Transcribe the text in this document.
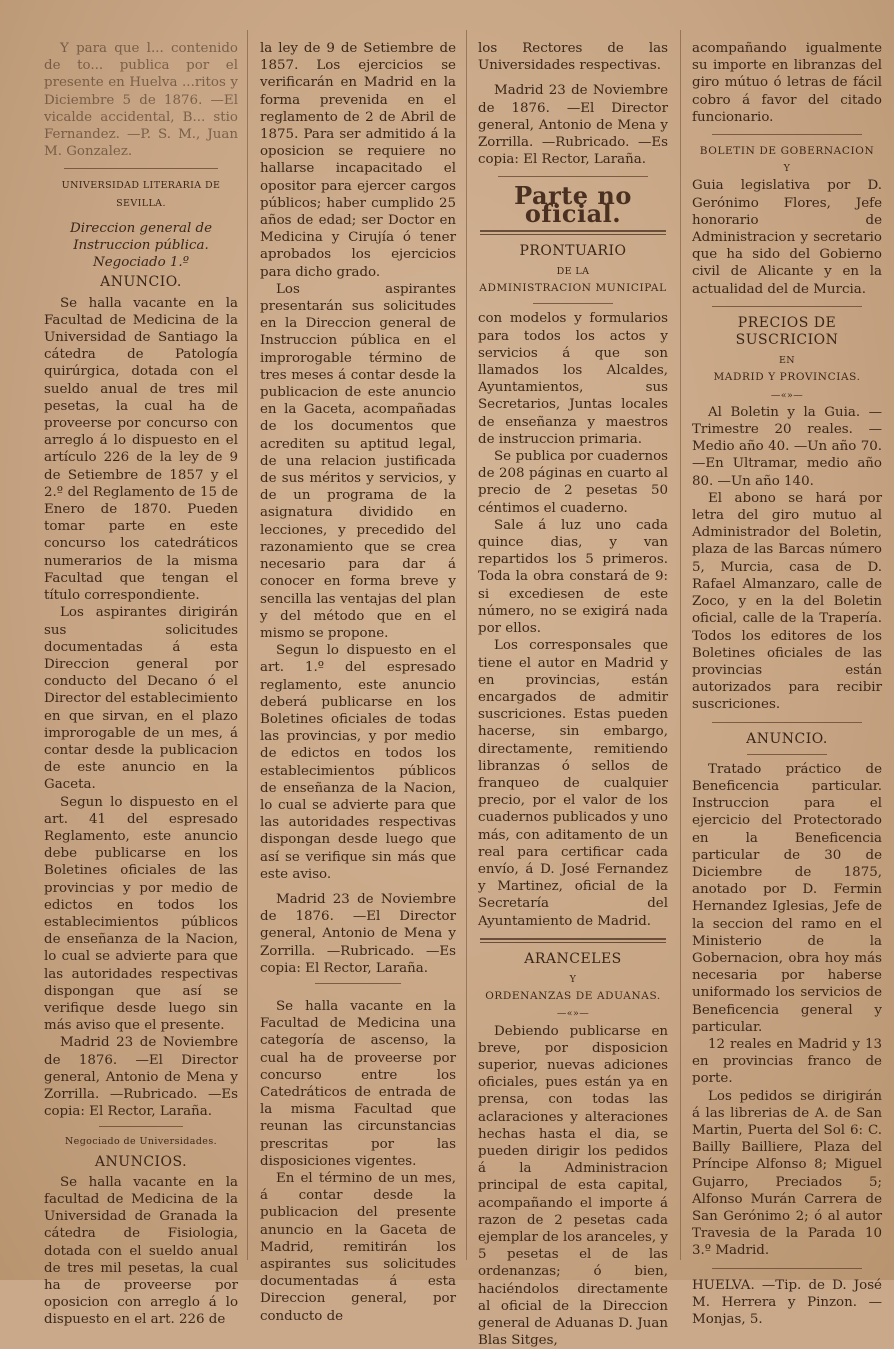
Y para que l... contenido de to... publica por el presente en Huelva ...ritos y Diciembre 5 de 1876. —El vicalde accidental, B... stio Fernandez. —P. S. M., Juan M. Gonzalez.

UNIVERSIDAD LITERARIA DE SEVILLA.

Direccion general de Instruccion pública.

Negociado 1.º

ANUNCIO.

Se halla vacante en la Facultad de Medicina de la Universidad de Santiago la cátedra de Patología quirúrgica, dotada con el sueldo anual de tres mil pesetas, la cual ha de proveerse por concurso con arreglo á lo dispuesto en el artículo 226 de la ley de 9 de Setiembre de 1857 y el 2.º del Reglamento de 15 de Enero de 1870. Pueden tomar parte en este concurso los catedráticos numerarios de la misma Facultad que tengan el título correspondiente.

Los aspirantes dirigirán sus solicitudes documentadas á esta Direccion general por conducto del Decano ó el Director del establecimiento en que sirvan, en el plazo improrogable de un mes, á contar desde la publicacion de este anuncio en la Gaceta.

Segun lo dispuesto en el art. 41 del espresado Reglamento, este anuncio debe publicarse en los Boletines oficiales de las provincias y por medio de edictos en todos los establecimientos públicos de enseñanza de la Nacion, lo cual se advierte para que las autoridades respectivas dispongan que así se verifique desde luego sin más aviso que el presente.

Madrid 23 de Noviembre de 1876. —El Director general, Antonio de Mena y Zorrilla. —Rubricado. —Es copia: El Rector, Laraña.

Negociado de Universidades.

ANUNCIOS.

Se halla vacante en la facultad de Medicina de la Universidad de Granada la cátedra de Fisiologia, dotada con el sueldo anual de tres mil pesetas, la cual ha de proveerse por oposicion con arreglo á lo dispuesto en el art. 226 de

la ley de 9 de Setiembre de 1857. Los ejercicios se verificarán en Madrid en la forma prevenida en el reglamento de 2 de Abril de 1875. Para ser admitido á la oposicion se requiere no hallarse incapacitado el opositor para ejercer cargos públicos; haber cumplido 25 años de edad; ser Doctor en Medicina y Cirujía ó tener aprobados los ejercicios para dicho grado.

Los aspirantes presentarán sus solicitudes en la Direccion general de Instruccion pública en el improrogable término de tres meses á contar desde la publicacion de este anuncio en la Gaceta, acompañadas de los documentos que acrediten su aptitud legal, de una relacion justificada de sus méritos y servicios, y de un programa de la asignatura dividido en lecciones, y precedido del razonamiento que se crea necesario para dar á conocer en forma breve y sencilla las ventajas del plan y del método que en el mismo se propone.

Segun lo dispuesto en el art. 1.º del espresado reglamento, este anuncio deberá publicarse en los Boletines oficiales de todas las provincias, y por medio de edictos en todos los establecimientos públicos de enseñanza de la Nacion, lo cual se advierte para que las autoridades respectivas dispongan desde luego que así se verifique sin más que este aviso.

Madrid 23 de Noviembre de 1876. —El Director general, Antonio de Mena y Zorrilla. —Rubricado. —Es copia: El Rector, Laraña.

Se halla vacante en la Facultad de Medicina una categoría de ascenso, la cual ha de proveerse por concurso entre los Catedráticos de entrada de la misma Facultad que reunan las circunstancias prescritas por las disposiciones vigentes.

En el término de un mes, á contar desde la publicacion del presente anuncio en la Gaceta de Madrid, remitirán los aspirantes sus solicitudes documentadas á esta Direccion general, por conducto de

los Rectores de las Universidades respectivas.

Madrid 23 de Noviembre de 1876. —El Director general, Antonio de Mena y Zorrilla. —Rubricado. —Es copia: El Rector, Laraña.

Parte no oficial.

PRONTUARIO

DE LA

ADMINISTRACION MUNICIPAL

con modelos y formularios para todos los actos y servicios á que son llamados los Alcaldes, Ayuntamientos, sus Secretarios, Juntas locales de enseñanza y maestros de instruccion primaria.

Se publica por cuadernos de 208 páginas en cuarto al precio de 2 pesetas 50 céntimos el cuaderno.

Sale á luz uno cada quince dias, y van repartidos los 5 primeros. Toda la obra constará de 9: si excediesen de este número, no se exigirá nada por ellos.

Los corresponsales que tiene el autor en Madrid y en provincias, están encargados de admitir suscriciones. Estas pueden hacerse, sin embargo, directamente, remitiendo libranzas ó sellos de franqueo de cualquier precio, por el valor de los cuadernos publicados y uno más, con aditamento de un real para certificar cada envío, á D. José Fernandez y Martinez, oficial de la Secretaría del Ayuntamiento de Madrid.

ARANCELES

Y

ORDENANZAS DE ADUANAS.

—«»—

Debiendo publicarse en breve, por disposicion superior, nuevas adiciones oficiales, pues están ya en prensa, con todas las aclaraciones y alteraciones hechas hasta el dia, se pueden dirigir los pedidos á la Administracion principal de esta capital, acompañando el importe á razon de 2 pesetas cada ejemplar de los aranceles, y 5 pesetas el de las ordenanzas; ó bien, haciéndolos directamente al oficial de la Direccion general de Aduanas D. Juan Blas Sitges,

acompañando igualmente su importe en libranzas del giro mútuo ó letras de fácil cobro á favor del citado funcionario.

BOLETIN DE GOBERNACION

Y

Guia legislativa por D. Gerónimo Flores, Jefe honorario de Administracion y secretario que ha sido del Gobierno civil de Alicante y en la actualidad del de Murcia.

PRECIOS DE SUSCRICION

EN

MADRID Y PROVINCIAS.

—«»—

Al Boletin y la Guia. —Trimestre 20 reales. —Medio año 40. —Un año 70. —En Ultramar, medio año 80. —Un año 140.

El abono se hará por letra del giro mutuo al Administrador del Boletin, plaza de las Barcas número 5, Murcia, casa de D. Rafael Almanzaro, calle de Zoco, y en la del Boletin oficial, calle de la Trapería. Todos los editores de los Boletines oficiales de las provincias están autorizados para recibir suscriciones.

ANUNCIO.

Tratado práctico de Beneficencia particular. Instruccion para el ejercicio del Protectorado en la Beneficencia particular de 30 de Diciembre de 1875, anotado por D. Fermin Hernandez Iglesias, Jefe de la seccion del ramo en el Ministerio de la Gobernacion, obra hoy más necesaria por haberse uniformado los servicios de Beneficencia general y particular.

12 reales en Madrid y 13 en provincias franco de porte.

Los pedidos se dirigirán á las librerias de A. de San Martin, Puerta del Sol 6: C. Bailly Bailliere, Plaza del Príncipe Alfonso 8; Miguel Gujarro, Preciados 5; Alfonso Murán Carrera de San Gerónimo 2; ó al autor Travesia de la Parada 10 3.º Madrid.

HUELVA. —Tip. de D. José M. Herrera y Pinzon. —Monjas, 5.
